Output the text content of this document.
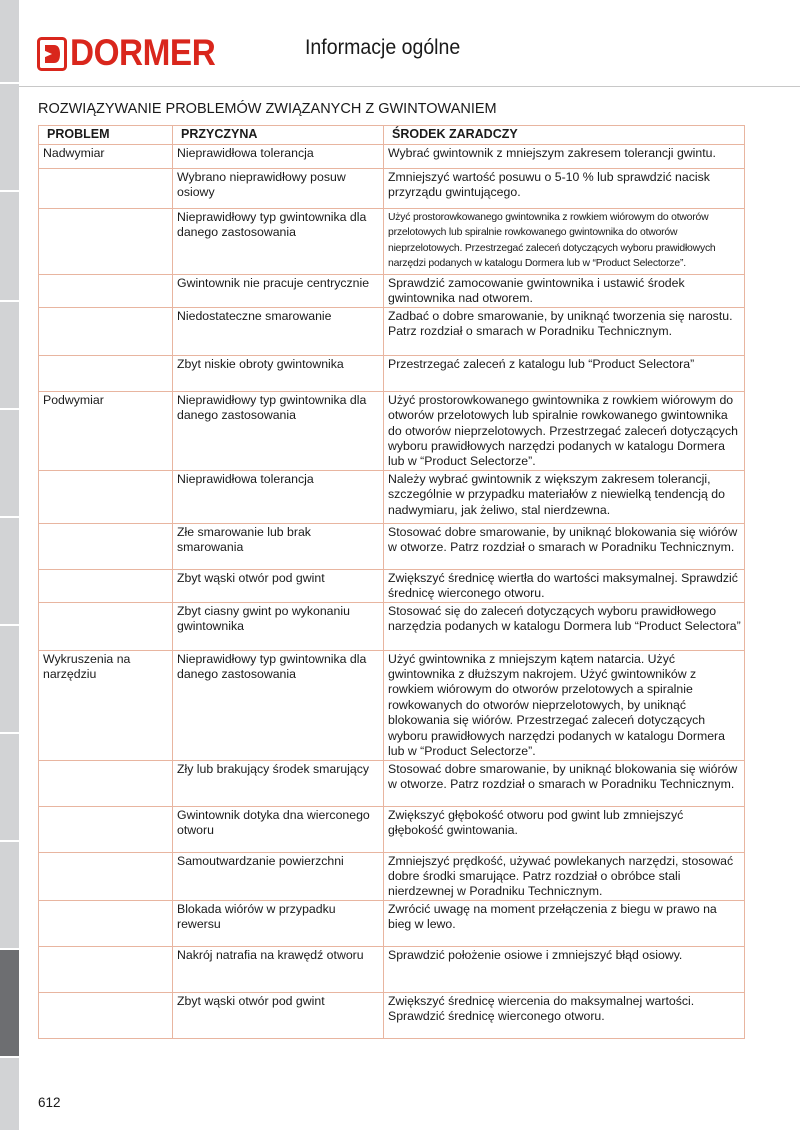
DORMER	Informacje ogólne
ROZWIĄZYWANIE PROBLEMÓW ZWIĄZANYCH Z GWINTOWANIEM
PROBLEM	PRZYCZYNA	ŚRODEK ZARADCZY
Nadwymiar	Nieprawidłowa tolerancja	Wybrać gwintownik z mniejszym zakresem tolerancji gwintu.
	Wybrano nieprawidłowy posuw osiowy	Zmniejszyć wartość posuwu o 5-10 % lub sprawdzić nacisk przyrządu gwintującego.
	Nieprawidłowy typ gwintownika dla danego zastosowania	Użyć prostorowkowanego gwintownika z rowkiem wiórowym do otworów przelotowych lub spiralnie rowkowanego gwintownika do otworów nieprzelotowych. Przestrzegać zaleceń dotyczących wyboru prawidłowych narzędzi podanych w katalogu Dormera lub w “Product Selectorze”.
	Gwintownik nie pracuje centrycznie	Sprawdzić zamocowanie gwintownika i ustawić środek gwintownika nad otworem.
	Niedostateczne smarowanie	Zadbać o dobre smarowanie, by uniknąć tworzenia się narostu. Patrz rozdział o smarach w Poradniku Technicznym.
	Zbyt niskie obroty gwintownika	Przestrzegać zaleceń z katalogu lub “Product Selectora”
Podwymiar	Nieprawidłowy typ gwintownika dla danego zastosowania	Użyć prostorowkowanego gwintownika z rowkiem wiórowym do otworów przelotowych lub spiralnie rowkowanego gwintownika do otworów nieprzelotowych. Przestrzegać zaleceń dotyczących wyboru prawidłowych narzędzi podanych w katalogu Dormera lub w “Product Selectorze”.
	Nieprawidłowa tolerancja	Należy wybrać gwintownik z większym zakresem tolerancji, szczególnie w przypadku materiałów z niewielką tendencją do nadwymiaru, jak żeliwo, stal nierdzewna.
	Złe smarowanie lub brak smarowania	Stosować dobre smarowanie, by uniknąć blokowania się wiórów w otworze. Patrz rozdział o smarach w Poradniku Technicznym.
	Zbyt wąski otwór pod gwint	Zwiększyć średnicę wiertła do wartości maksymalnej. Sprawdzić średnicę wierconego otworu.
	Zbyt ciasny gwint po wykonaniu gwintownika	Stosować się do zaleceń dotyczących wyboru prawidłowego narzędzia podanych w katalogu Dormera lub “Product Selectora”
Wykruszenia na narzędziu	Nieprawidłowy typ gwintownika dla danego zastosowania	Użyć gwintownika z mniejszym kątem natarcia. Użyć gwintownika z dłuższym nakrojem. Użyć gwintowników z rowkiem wiórowym do otworów przelotowych a spiralnie rowkowanych do otworów nieprzelotowych, by uniknąć blokowania się wiórów. Przestrzegać zaleceń dotyczących wyboru prawidłowych narzędzi podanych w katalogu Dormera lub w “Product Selectorze”.
	Zły lub brakujący środek smarujący	Stosować dobre smarowanie, by uniknąć blokowania się wiórów w otworze. Patrz rozdział o smarach w Poradniku Technicznym.
	Gwintownik dotyka dna wierconego otworu	Zwiększyć głębokość otworu pod gwint lub zmniejszyć głębokość gwintowania.
	Samoutwardzanie powierzchni	Zmniejszyć prędkość, używać powlekanych narzędzi, stosować dobre środki smarujące. Patrz rozdział o obróbce stali nierdzewnej w Poradniku Technicznym.
	Blokada wiórów w przypadku rewersu	Zwrócić uwagę na moment przełączenia z biegu w prawo na bieg w lewo.
	Nakrój natrafia na krawędź otworu	Sprawdzić położenie osiowe i zmniejszyć błąd osiowy.
	Zbyt wąski otwór pod gwint	Zwiększyć średnicę wiercenia do maksymalnej wartości. Sprawdzić średnicę wierconego otworu.
612
